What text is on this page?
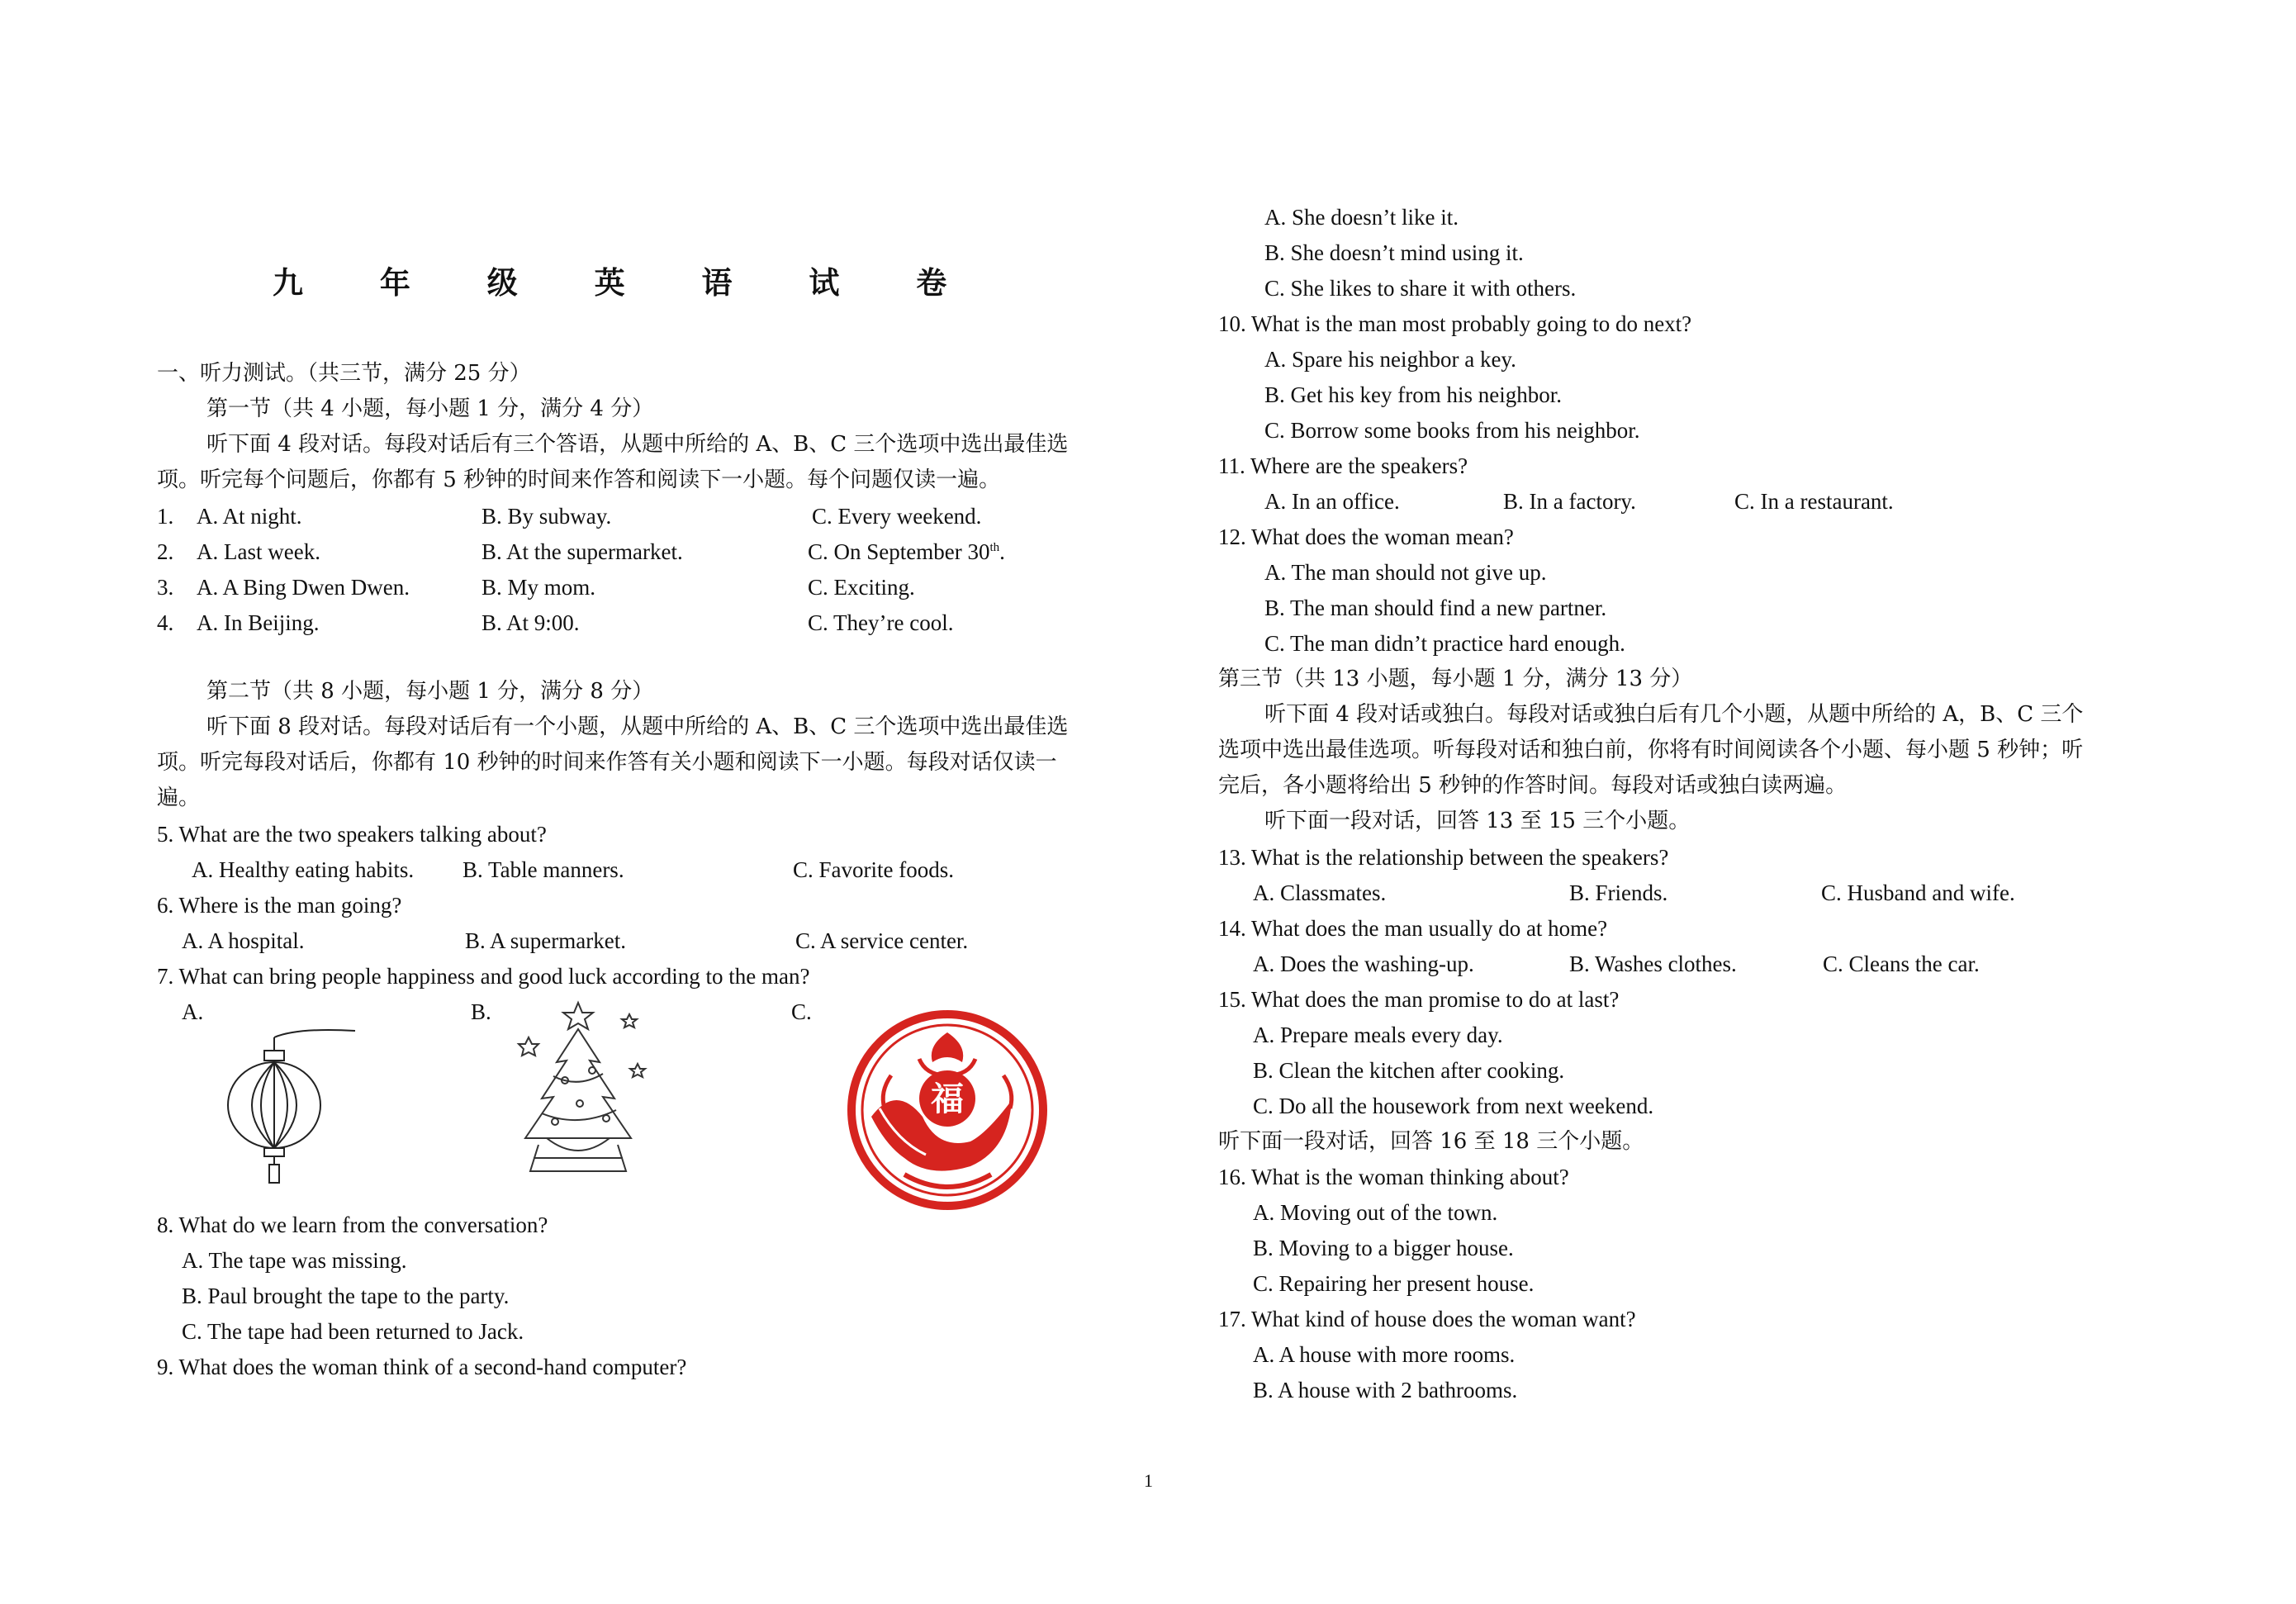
九 年 级 英 语 试 卷
一、听力测试。（共三节，满分 25 分）
第一节（共 4 小题，每小题 1 分，满分 4 分）
听下面 4 段对话。每段对话后有三个答语，从题中所给的 A、B、C 三个选项中选出最佳选
项。听完每个问题后，你都有 5 秒钟的时间来作答和阅读下一小题。每个问题仅读一遍。
1. A. At night.	B. By subway.	C. Every weekend.
2. A. Last week.	B. At the supermarket.	C. On September 30th.
3. A. A Bing Dwen Dwen.	B. My mom.	C. Exciting.
4. A. In Beijing.	B. At 9:00.	C. They’re cool.
第二节（共 8 小题，每小题 1 分，满分 8 分）
听下面 8 段对话。每段对话后有一个小题，从题中所给的 A、B、C 三个选项中选出最佳选
项。听完每段对话后，你都有 10 秒钟的时间来作答有关小题和阅读下一小题。每段对话仅读一
遍。
5. What are the two speakers talking about?
A. Healthy eating habits. B. Table manners.	C. Favorite foods.
6. Where is the man going?
A. A hospital.	B. A supermarket.	C. A service center.
7. What can bring people happiness and good luck according to the man?
A.	B.	C.
福
8. What do we learn from the conversation?
A. The tape was missing.
B. Paul brought the tape to the party.
C. The tape had been returned to Jack.
9. What does the woman think of a second-hand computer?
A. She doesn’t like it.
B. She doesn’t mind using it.
C. She likes to share it with others.
10. What is the man most probably going to do next?
A. Spare his neighbor a key.
B. Get his key from his neighbor.
C. Borrow some books from his neighbor.
11. Where are the speakers?
A. In an office.	B. In a factory.	C. In a restaurant.
12. What does the woman mean?
A. The man should not give up.
B. The man should find a new partner.
C. The man didn’t practice hard enough.
第三节（共 13 小题，每小题 1 分，满分 13 分）
听下面 4 段对话或独白。每段对话或独白后有几个小题，从题中所给的 A，B、C 三个
选项中选出最佳选项。听每段对话和独白前，你将有时间阅读各个小题、每小题 5 秒钟；听
完后，各小题将给出 5 秒钟的作答时间。每段对话或独白读两遍。
听下面一段对话，回答 13 至 15 三个小题。
13. What is the relationship between the speakers?
A. Classmates.	B. Friends.	C. Husband and wife.
14. What does the man usually do at home?
A. Does the washing-up.	B. Washes clothes.	C. Cleans the car.
15. What does the man promise to do at last?
A. Prepare meals every day.
B. Clean the kitchen after cooking.
C. Do all the housework from next weekend.
听下面一段对话，回答 16 至 18 三个小题。
16. What is the woman thinking about?
A. Moving out of the town.
B. Moving to a bigger house.
C. Repairing her present house.
17. What kind of house does the woman want?
A. A house with more rooms.
B. A house with 2 bathrooms.
1
